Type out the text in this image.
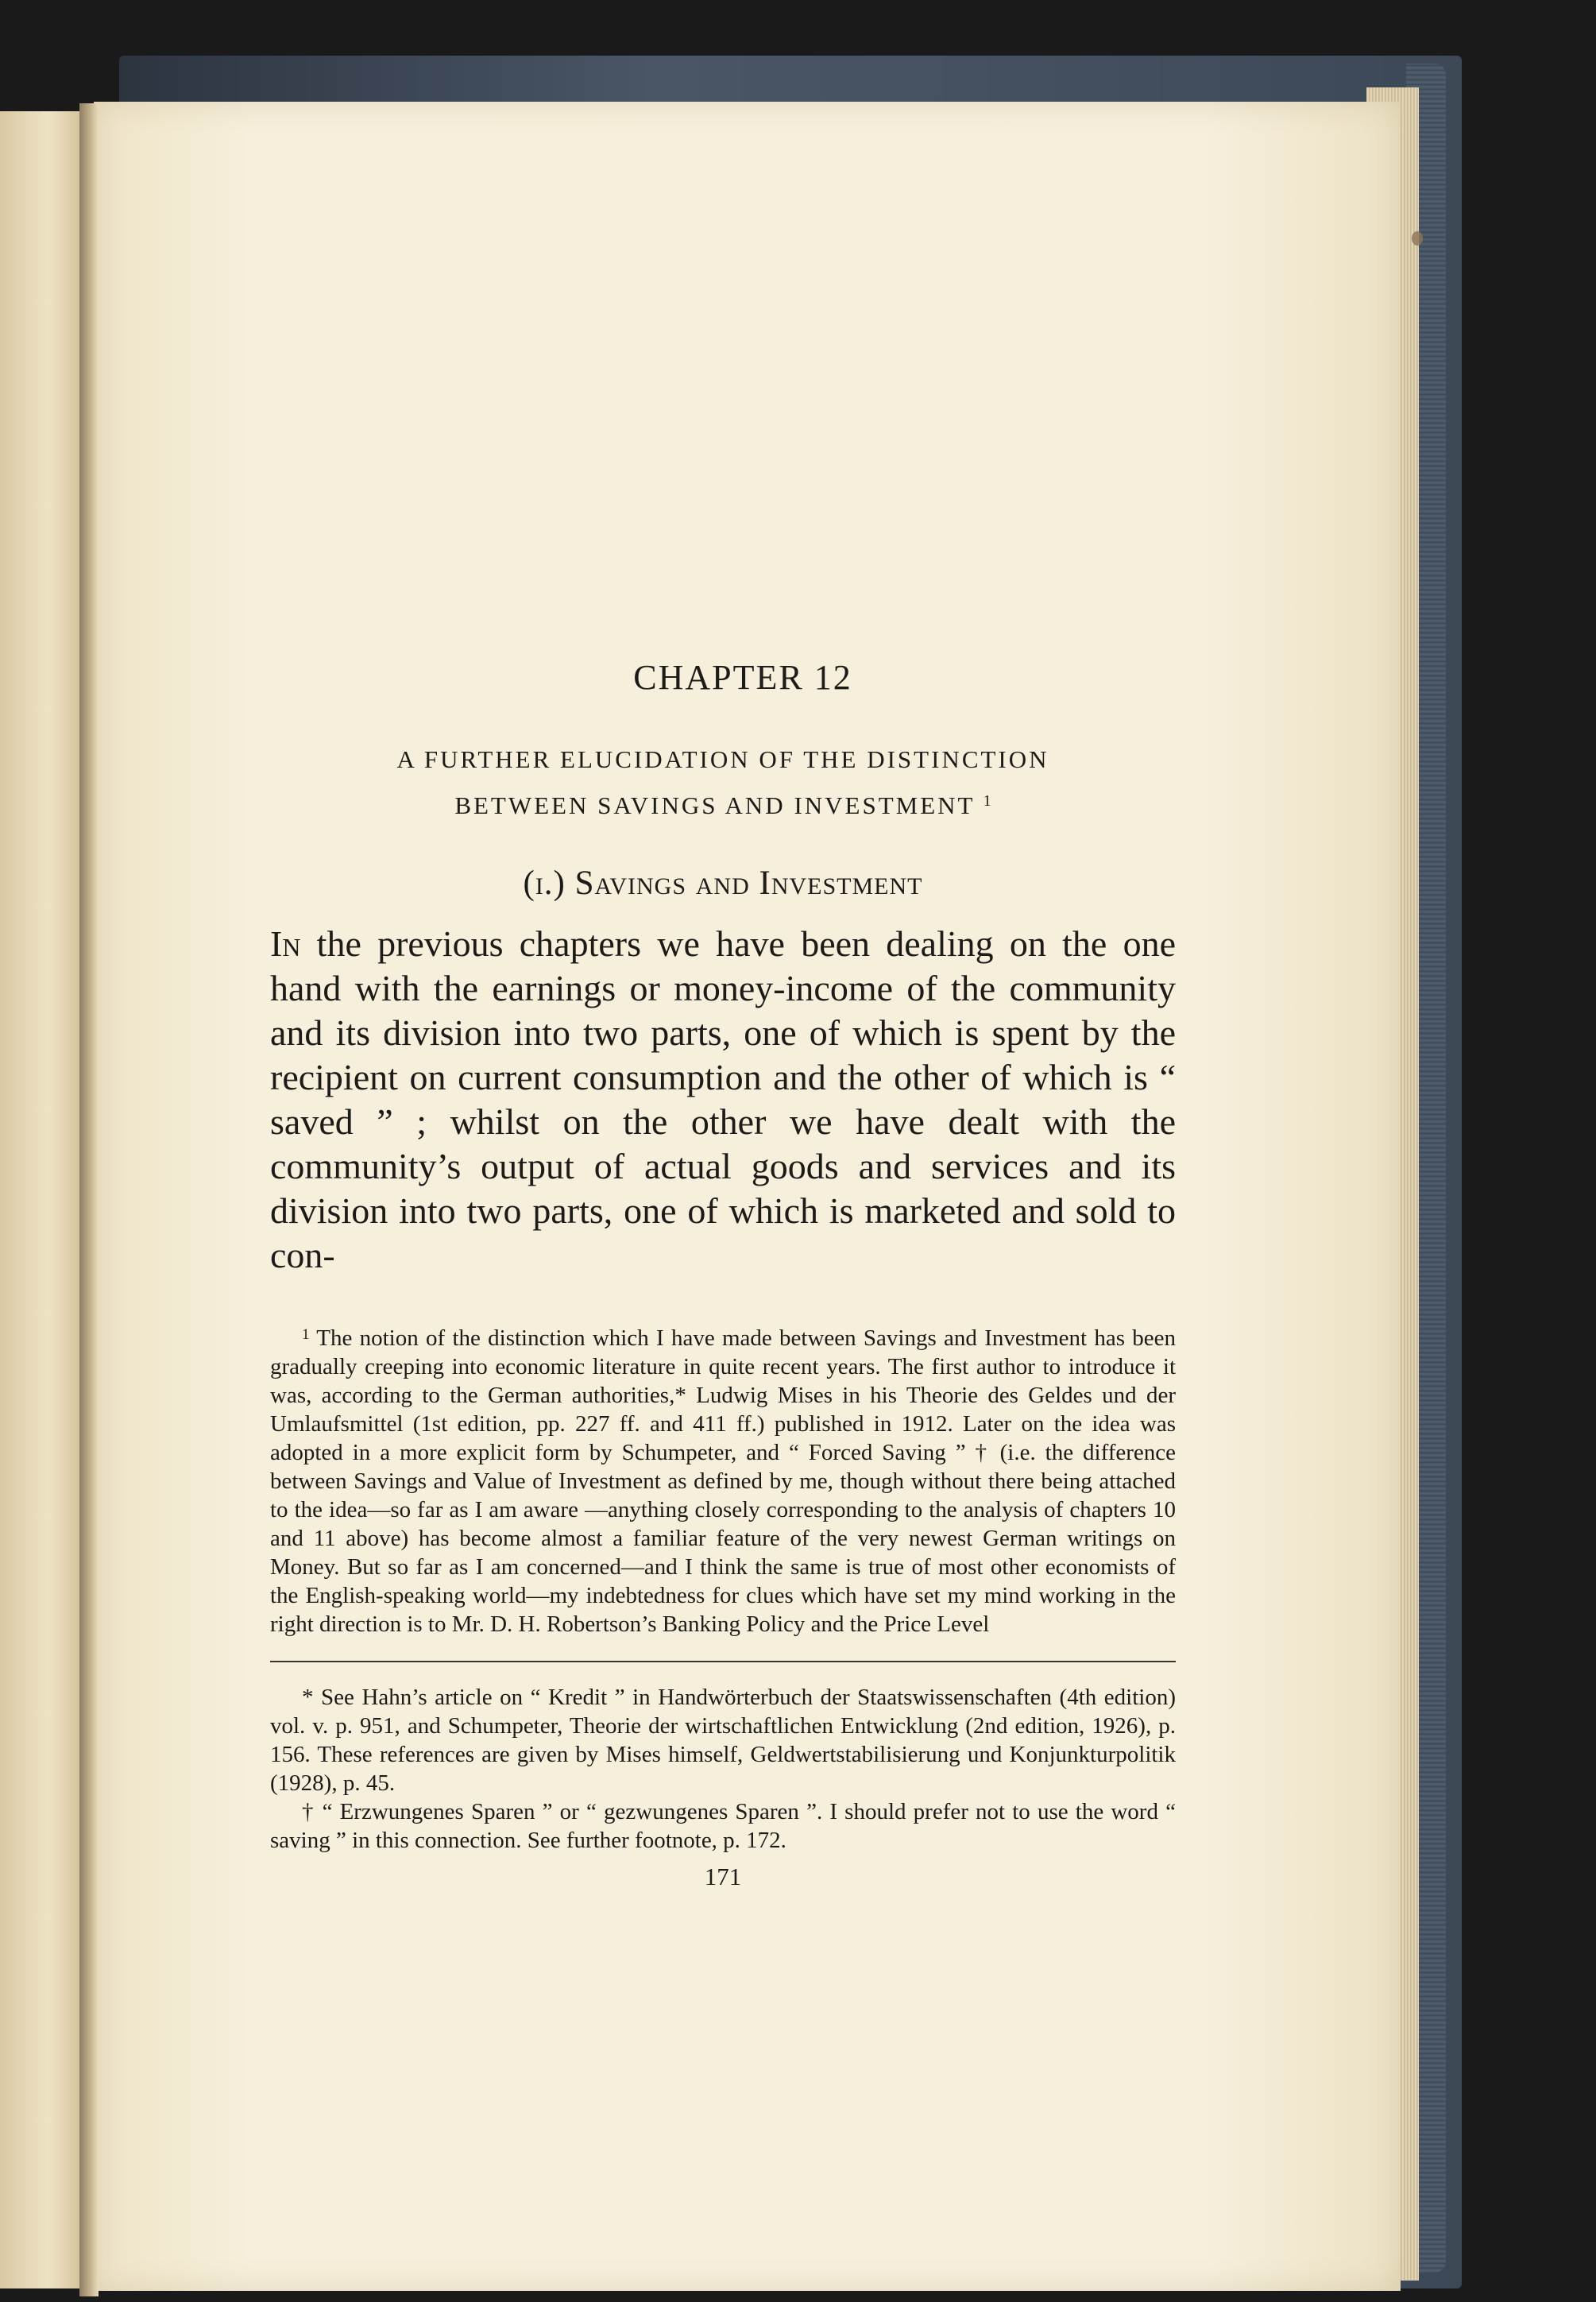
CHAPTER 12
A FURTHER ELUCIDATION OF THE DISTINCTION
BETWEEN SAVINGS AND INVESTMENT $^1$
(i.) Savings and Investment
In the previous chapters we have been dealing on the one hand with the earnings or money-income of the community and its division into two parts, one of which is spent by the recipient on current consumption and the other of which is “ saved ” ; whilst on the other we have dealt with the community’s output of actual goods and services and its division into two parts, one of which is marketed and sold to con-
$^1$ The notion of the distinction which I have made between Savings and Investment has been gradually creeping into economic literature in quite recent years. The first author to introduce it was, according to the German authorities,* Ludwig Mises in his Theorie des Geldes und der Umlaufsmittel (1st edition, pp. 227 ff. and 411 ff.) published in 1912. Later on the idea was adopted in a more explicit form by Schumpeter, and “ Forced Saving ” † (i.e. the difference between Savings and Value of Investment as defined by me, though without there being attached to the idea—so far as I am aware —anything closely corresponding to the analysis of chapters 10 and 11 above) has become almost a familiar feature of the very newest German writings on Money. But so far as I am concerned—and I think the same is true of most other economists of the English-speaking world—my indebtedness for clues which have set my mind working in the right direction is to Mr. D. H. Robertson’s Banking Policy and the Price Level

* See Hahn’s article on “ Kredit ” in Handwörterbuch der Staatswissenschaften (4th edition) vol. v. p. 951, and Schumpeter, Theorie der wirtschaftlichen Entwicklung (2nd edition, 1926), p. 156. These references are given by Mises himself, Geldwertstabilisierung und Konjunkturpolitik (1928), p. 45.

† “ Erzwungenes Sparen ” or “ gezwungenes Sparen ”. I should prefer not to use the word “ saving ” in this connection. See further footnote, p. 172.

171
